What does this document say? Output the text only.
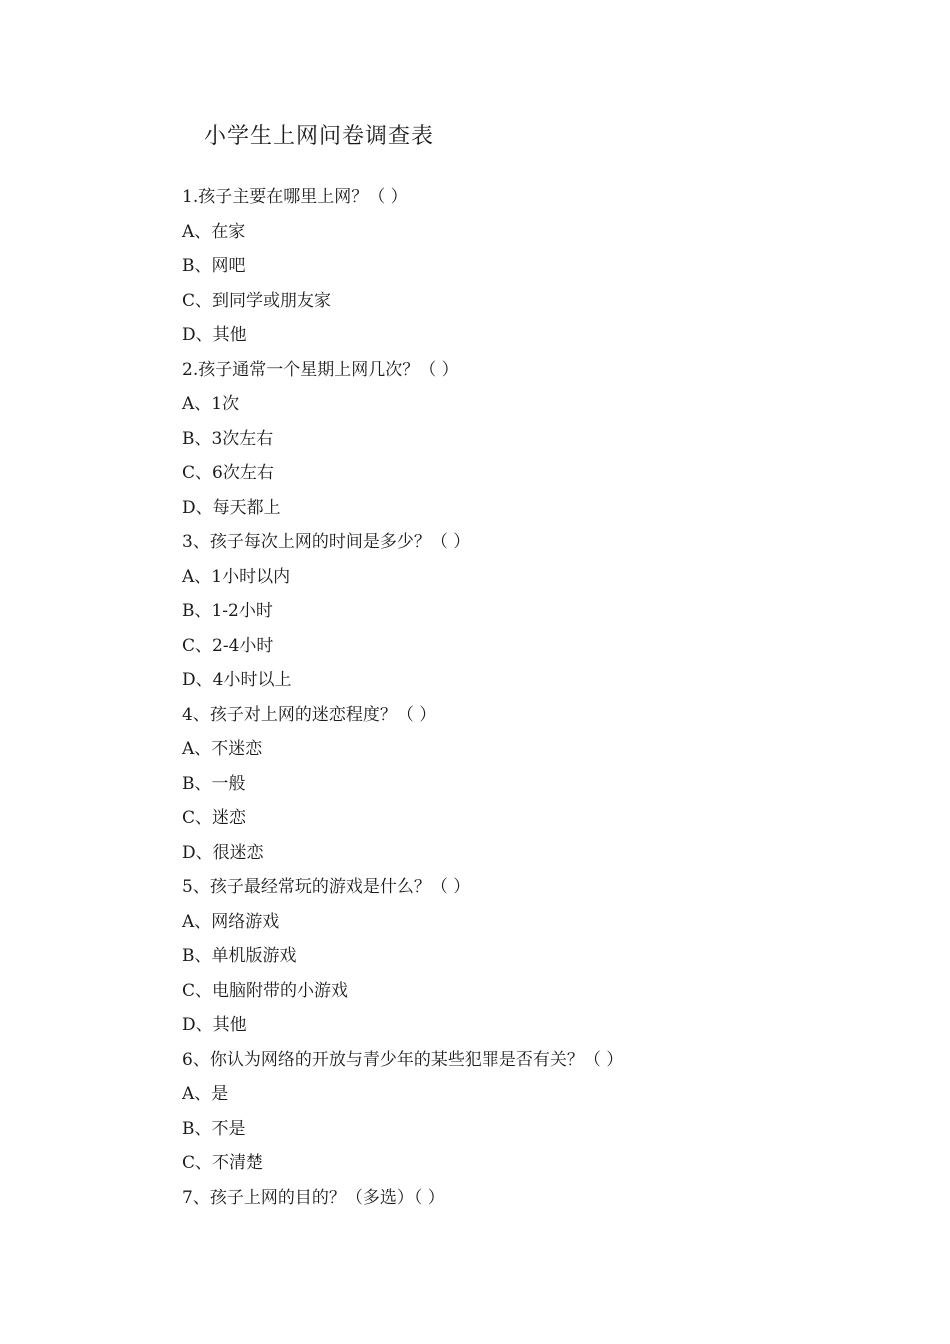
小学生上网问卷调查表
1.孩子主要在哪里上网？（ ）
A、在家
B、网吧
C、到同学或朋友家
D、其他
2.孩子通常一个星期上网几次？（ ）
A、1次
B、3次左右
C、6次左右
D、每天都上
3、孩子每次上网的时间是多少？（ ）
A、1小时以内
B、1-2小时
C、2-4小时
D、4小时以上
4、孩子对上网的迷恋程度？（ ）
A、不迷恋
B、一般
C、迷恋
D、很迷恋
5、孩子最经常玩的游戏是什么？（ ）
A、网络游戏
B、单机版游戏
C、电脑附带的小游戏
D、其他
6、你认为网络的开放与青少年的某些犯罪是否有关？（ ）
A、是
B、不是
C、不清楚
7、孩子上网的目的？（多选）（ ）
